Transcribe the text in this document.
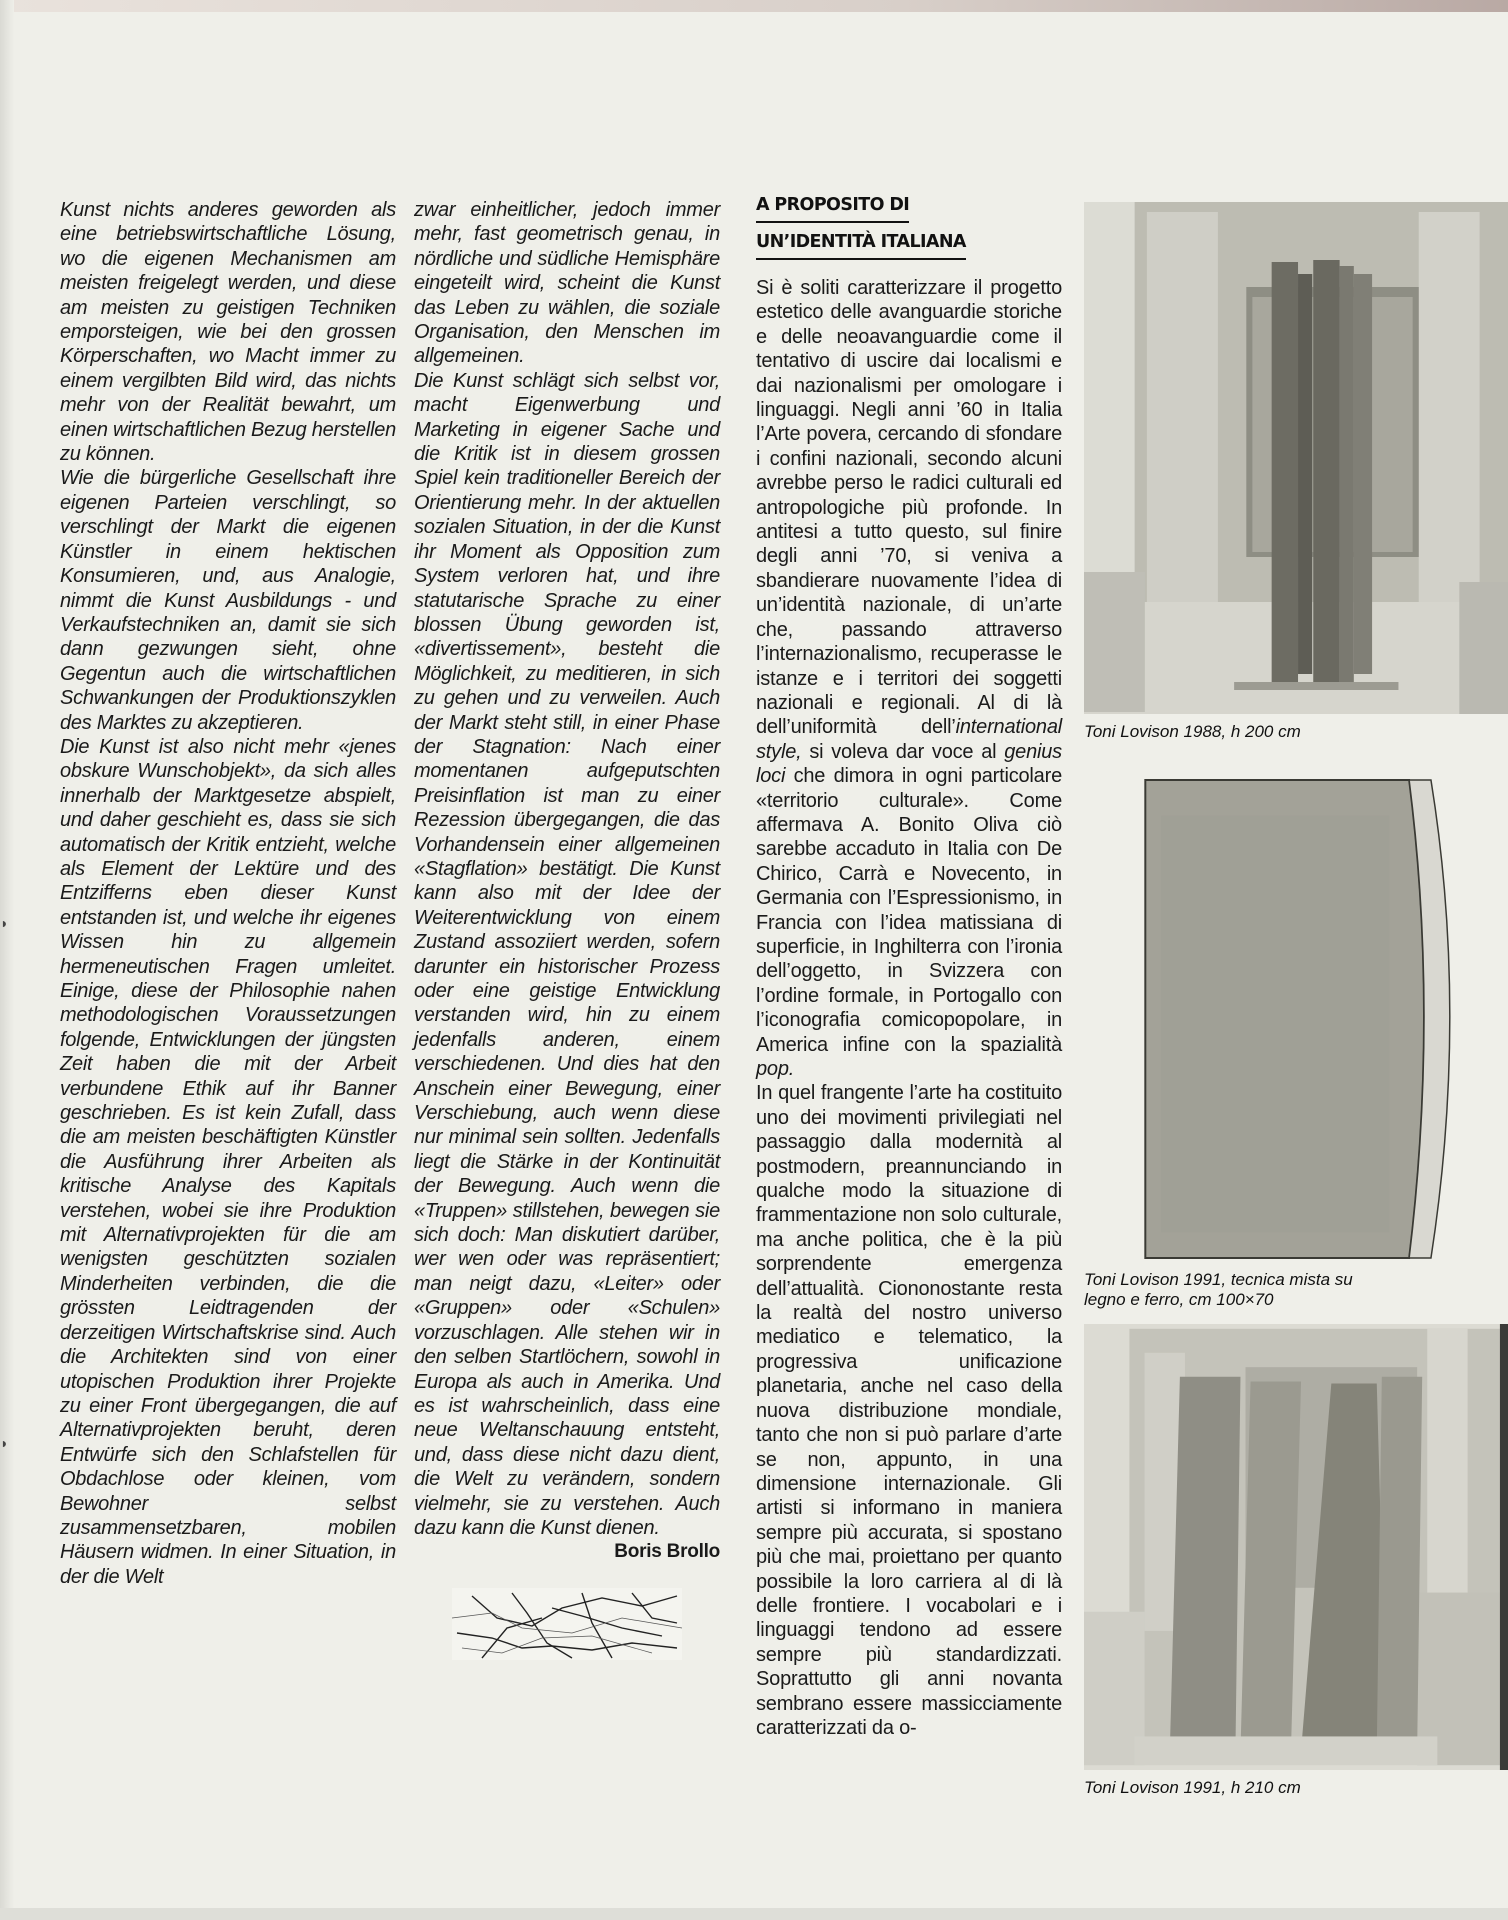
◗
◗

Kunst nichts anderes geworden als eine betriebswirtschaftliche Lösung, wo die eigenen Mechanismen am meisten freigelegt werden, und diese am meisten zu geistigen Techniken emporsteigen, wie bei den grossen Körperschaften, wo Macht immer zu einem vergilbten Bild wird, das nichts mehr von der Realität bewahrt, um einen wirtschaftlichen Bezug herstellen zu können.

Wie die bürgerliche Gesellschaft ihre eigenen Parteien verschlingt, so verschlingt der Markt die eigenen Künstler in einem hektischen Konsumieren, und, aus Analogie, nimmt die Kunst Ausbildungs - und Verkaufstechniken an, damit sie sich dann gezwungen sieht, ohne Gegentun auch die wirtschaftlichen Schwankungen der Produktionszyklen des Marktes zu akzeptieren.

Die Kunst ist also nicht mehr «jenes obskure Wunschobjekt», da sich alles innerhalb der Marktgesetze abspielt, und daher geschieht es, dass sie sich automatisch der Kritik entzieht, welche als Element der Lektüre und des Entzifferns eben dieser Kunst entstanden ist, und welche ihr eigenes Wissen hin zu allgemein hermeneutischen Fragen umleitet. Einige, diese der Philosophie nahen methodologischen Voraussetzungen folgende, Entwicklungen der jüngsten Zeit haben die mit der Arbeit verbundene Ethik auf ihr Banner geschrieben. Es ist kein Zufall, dass die am meisten beschäftigten Künstler die Ausführung ihrer Arbeiten als kritische Analyse des Kapitals verstehen, wobei sie ihre Produktion mit Alternativprojekten für die am wenigsten geschützten sozialen Minderheiten verbinden, die die grössten Leidtragenden der derzeitigen Wirtschaftskrise sind. Auch die Architekten sind von einer utopischen Produktion ihrer Projekte zu einer Front übergegangen, die auf Alternativprojekten beruht, deren Entwürfe sich den Schlafstellen für Obdachlose oder kleinen, vom Bewohner selbst zusammensetzbaren, mobilen Häusern widmen. In einer Situation, in der die Welt

zwar einheitlicher, jedoch immer mehr, fast geometrisch genau, in nördliche und südliche Hemisphäre eingeteilt wird, scheint die Kunst das Leben zu wählen, die soziale Organisation, den Menschen im allgemeinen.

Die Kunst schlägt sich selbst vor, macht Eigenwerbung und Marketing in eigener Sache und die Kritik ist in diesem grossen Spiel kein traditioneller Bereich der Orientierung mehr. In der aktuellen sozialen Situation, in der die Kunst ihr Moment als Opposition zum System verloren hat, und ihre statutarische Sprache zu einer blossen Übung geworden ist, «divertissement», besteht die Möglichkeit, zu meditieren, in sich zu gehen und zu verweilen. Auch der Markt steht still, in einer Phase der Stagnation: Nach einer momentanen aufgeputschten Preisinflation ist man zu einer Rezession übergegangen, die das Vorhandensein einer allgemeinen «Stagflation» bestätigt. Die Kunst kann also mit der Idee der Weiterentwicklung von einem Zustand assoziiert werden, sofern darunter ein historischer Prozess oder eine geistige Entwicklung verstanden wird, hin zu einem jedenfalls anderen, einem verschiedenen. Und dies hat den Anschein einer Bewegung, einer Verschiebung, auch wenn diese nur minimal sein sollten. Jedenfalls liegt die Stärke in der Kontinuität der Bewegung. Auch wenn die «Truppen» stillstehen, bewegen sie sich doch: Man diskutiert darüber, wer wen oder was repräsentiert; man neigt dazu, «Leiter» oder «Gruppen» oder «Schulen» vorzuschlagen. Alle stehen wir in den selben Startlöchern, sowohl in Europa als auch in Amerika. Und es ist wahrscheinlich, dass eine neue Weltanschauung entsteht, und, dass diese nicht dazu dient, die Welt zu verändern, sondern vielmehr, sie zu verstehen. Auch dazu kann die Kunst dienen.

Boris Brollo
A PROPOSITO DI
UN’IDENTITÀ ITALIANA

Si è soliti caratterizzare il progetto estetico delle avanguardie storiche e delle neoavanguardie come il tentativo di uscire dai localismi e dai nazionalismi per omologare i linguaggi. Negli anni ’60 in Italia l’Arte povera, cercando di sfondare i confini nazionali, secondo alcuni avrebbe perso le radici culturali ed antropologiche più profonde. In antitesi a tutto questo, sul finire degli anni ’70, si veniva a sbandierare nuovamente l’idea di un’identità nazionale, di un’arte che, passando attraverso l’internazionalismo, recuperasse le istanze e i territori dei soggetti nazionali e regionali. Al di là dell’uniformità dell’international style, si voleva dar voce al genius loci che dimora in ogni particolare «territorio culturale». Come affermava A. Bonito Oliva ciò sarebbe accaduto in Italia con De Chirico, Carrà e Novecento, in Germania con l’Espressionismo, in Francia con l’idea matissiana di superficie, in Inghilterra con l’ironia dell’oggetto, in Svizzera con l’ordine formale, in Portogallo con l’iconografia comicopopolare, in America infine con la spazialità pop.

In quel frangente l’arte ha costituito uno dei movimenti privilegiati nel passaggio dalla modernità al postmodern, preannunciando in qualche modo la situazione di frammentazione non solo culturale, ma anche politica, che è la più sorprendente emergenza dell’attualità. Ciononostante resta la realtà del nostro universo mediatico e telematico, la progressiva unificazione planetaria, anche nel caso della nuova distribuzione mondiale, tanto che non si può parlare d’arte se non, appunto, in una dimensione internazionale. Gli artisti si informano in maniera sempre più accurata, si spostano più che mai, proiettano per quanto possibile la loro carriera al di là delle frontiere. I vocabolari e i linguaggi tendono ad essere sempre più standardizzati. Soprattutto gli anni novanta sembrano essere massicciamente caratterizzati da o-

Toni Lovison 1988, h 200 cm
Toni Lovison 1991, tecnica mista su
legno e ferro, cm 100×70
Toni Lovison 1991, h 210 cm
